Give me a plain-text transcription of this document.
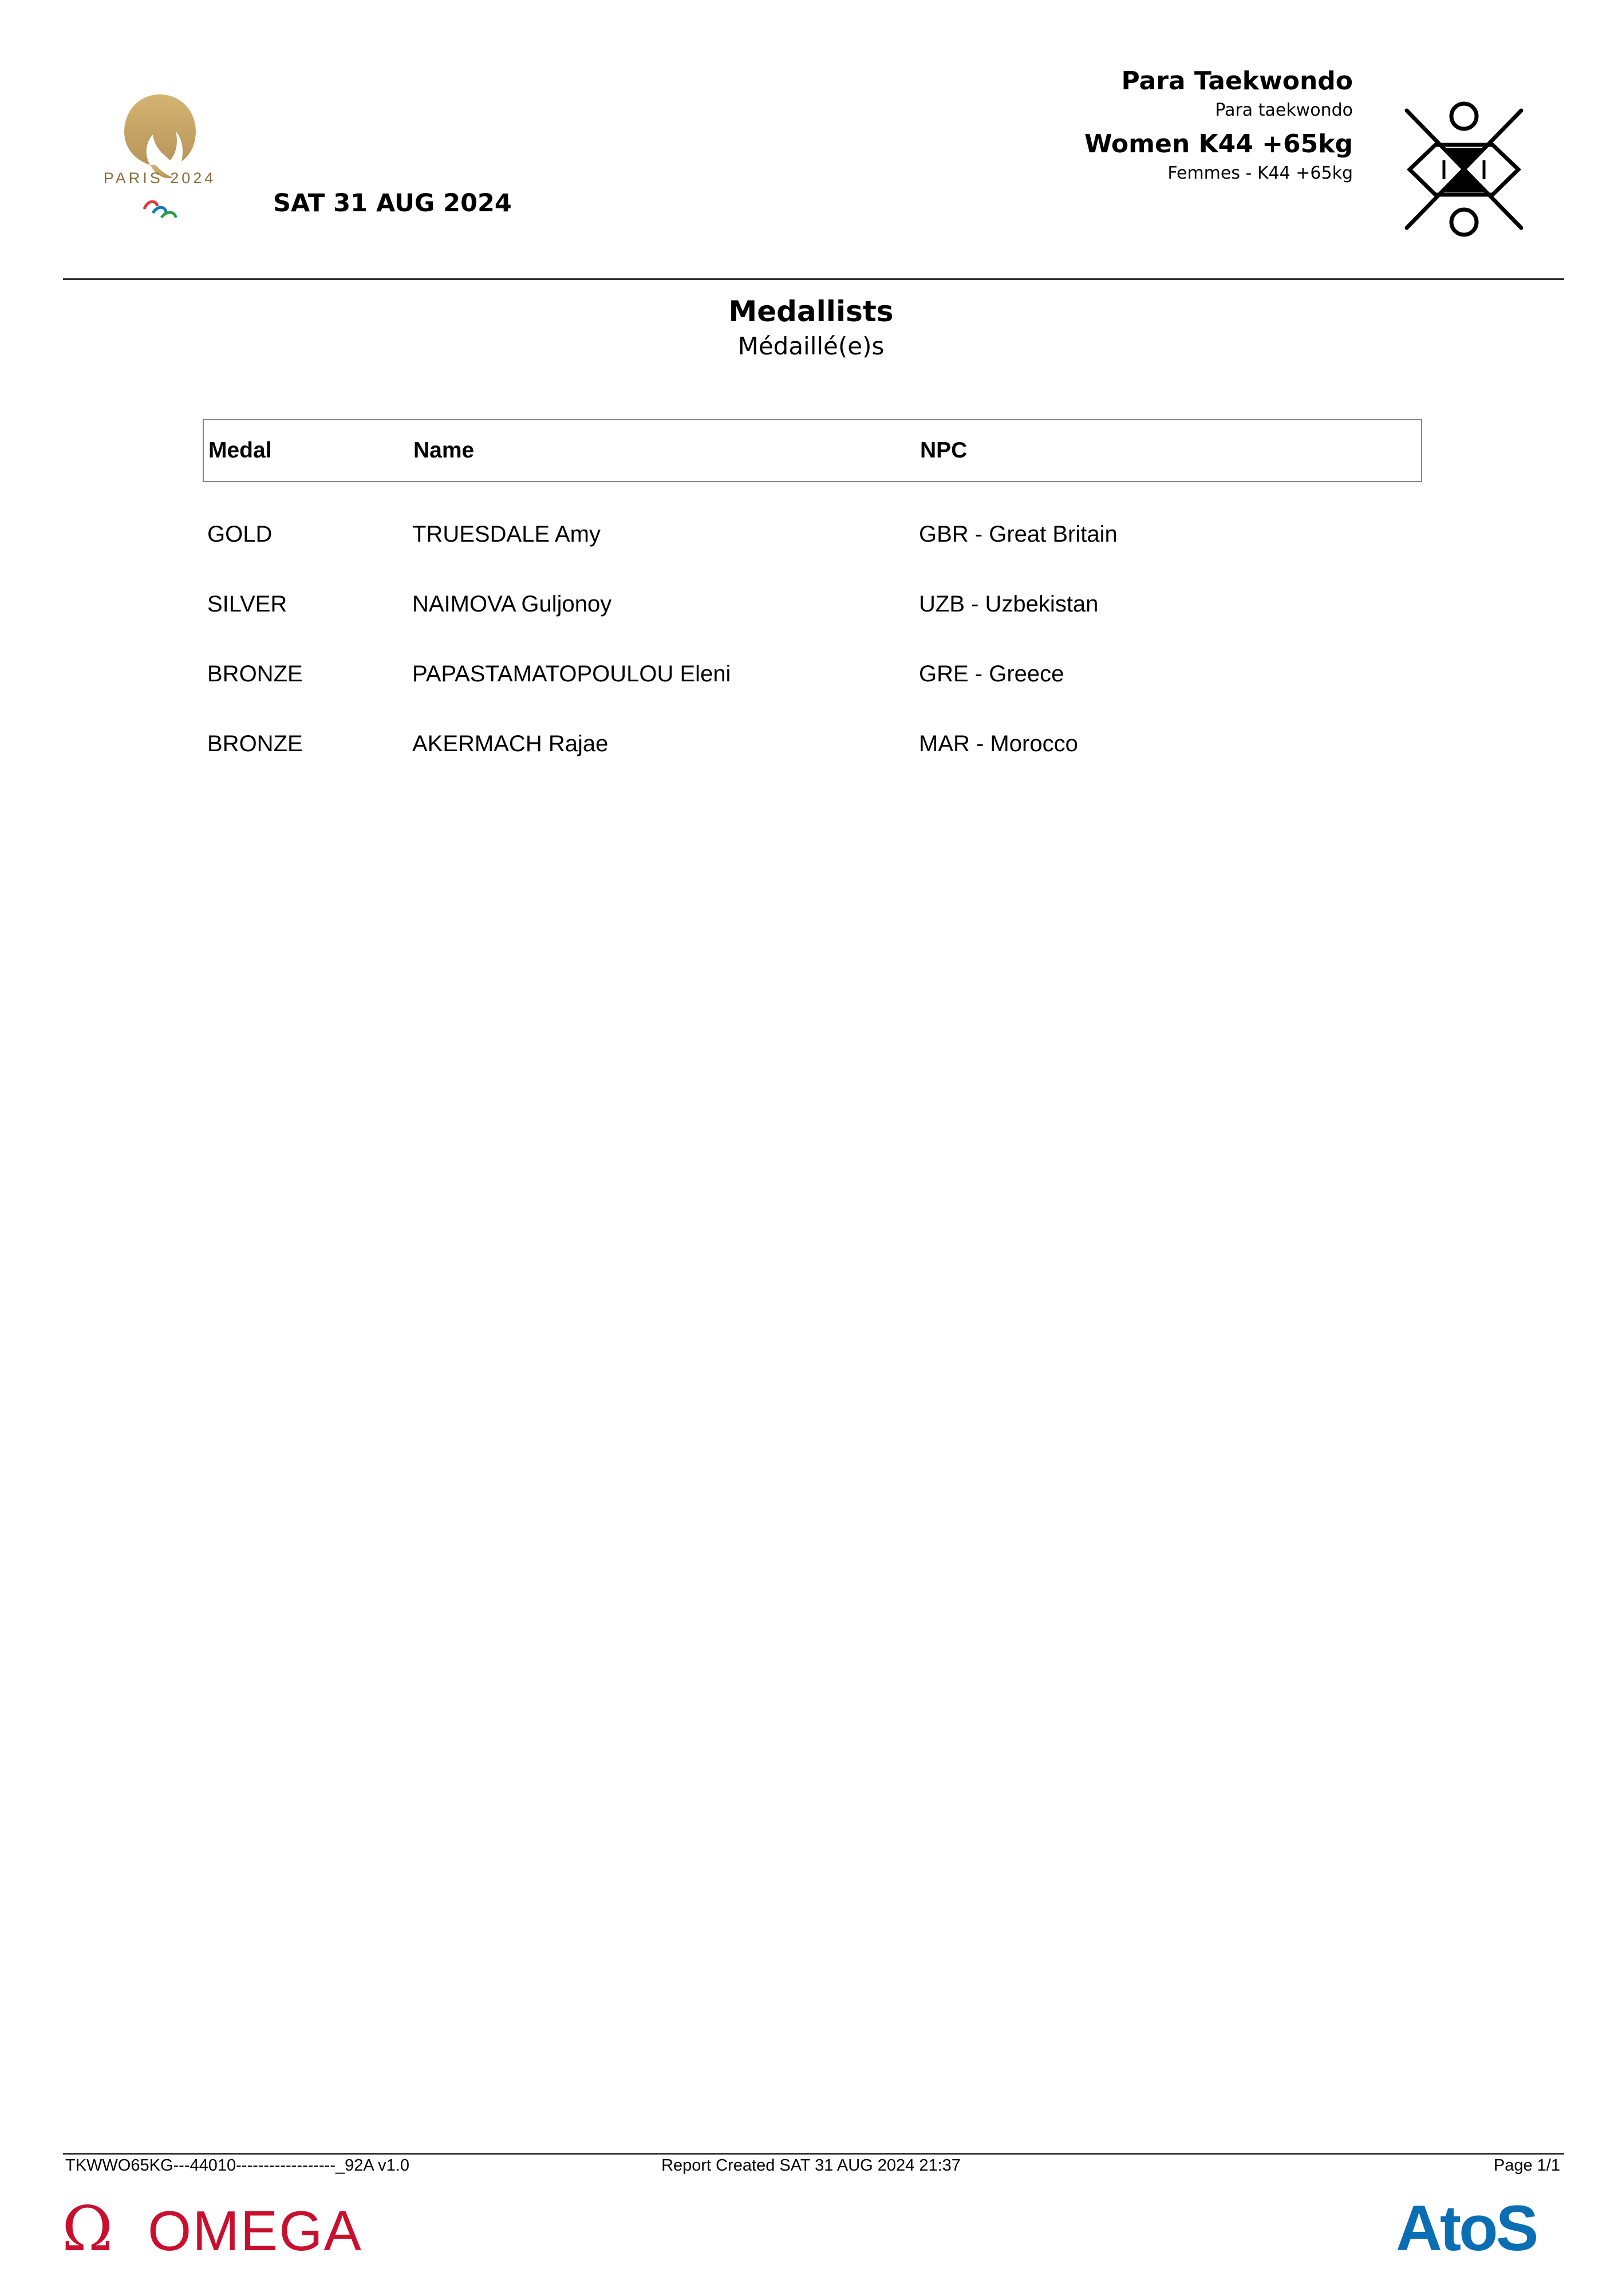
PARIS 2024
SAT 31 AUG 2024
Para Taekwondo
Para taekwondo
Women K44 +65kg
Femmes - K44 +65kg
Medallists
Médaillé(e)s
Medal	Name	NPC
GOLD	TRUESDALE Amy	GBR - Great Britain
SILVER	NAIMOVA Guljonoy	UZB - Uzbekistan
BRONZE	PAPASTAMATOPOULOU Eleni	GRE - Greece
BRONZE	AKERMACH Rajae	MAR - Morocco
TKWWO65KG---44010------------------_92A v1.0	Report Created SAT 31 AUG 2024 21:37	Page 1/1
Ω OMEGA	AtoS
